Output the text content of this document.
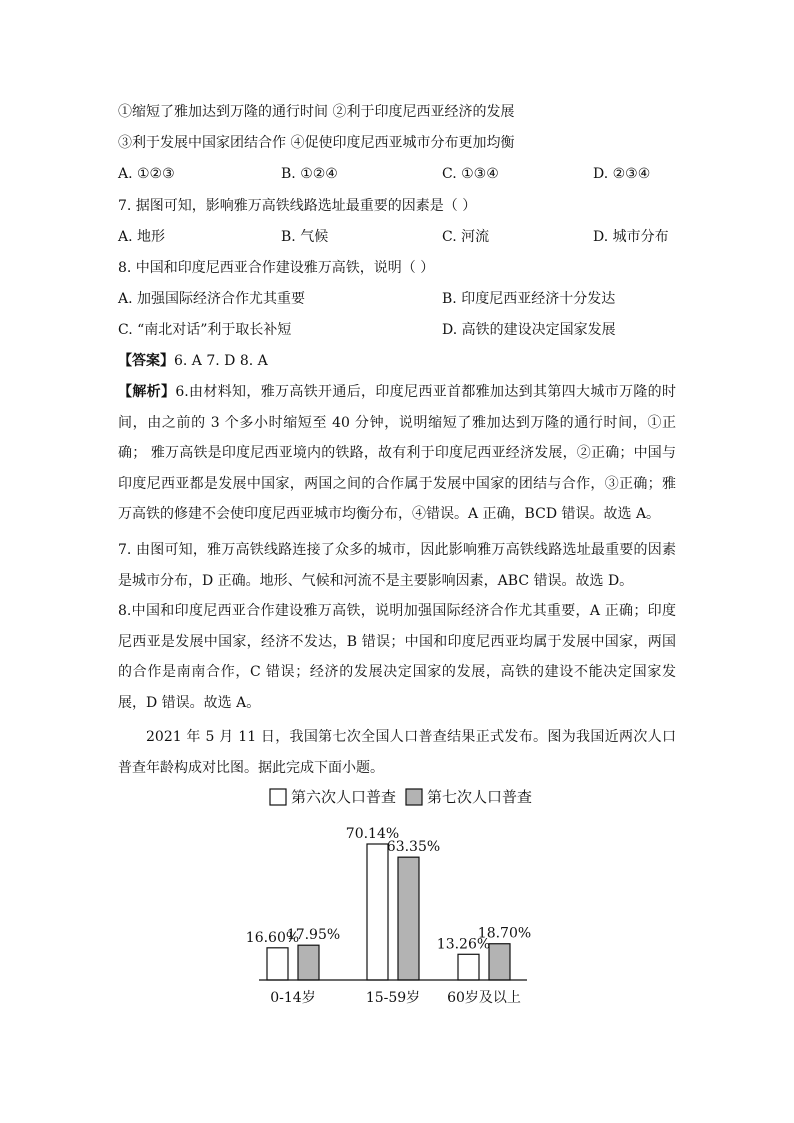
①缩短了雅加达到万隆的通行时间 ②利于印度尼西亚经济的发展
③利于发展中国家团结合作 ④促使印度尼西亚城市分布更加均衡
A. ①②③	B. ①②④	C. ①③④	D. ②③④
7. 据图可知，影响雅万高铁线路选址最重要的因素是（ ）
A. 地形	B. 气候	C. 河流	D. 城市分布
8. 中国和印度尼西亚合作建设雅万高铁，说明（ ）
A. 加强国际经济合作尤其重要	B. 印度尼西亚经济十分发达
C. “南北对话”利于取长补短	D. 高铁的建设决定国家发展
【答案】6. A 7. D 8. A
【解析】6.由材料知，雅万高铁开通后，印度尼西亚首都雅加达到其第四大城市万隆的时间，由之前的 3 个多小时缩短至 40 分钟，说明缩短了雅加达到万隆的通行时间，①正确； 雅万高铁是印度尼西亚境内的铁路，故有利于印度尼西亚经济发展，②正确；中国与印度尼西亚都是发展中国家，两国之间的合作属于发展中国家的团结与合作，③正确；雅万高铁的修建不会使印度尼西亚城市均衡分布，④错误。A 正确，BCD 错误。故选 A。
7. 由图可知，雅万高铁线路连接了众多的城市，因此影响雅万高铁线路选址最重要的因素是城市分布，D 正确。地形、气候和河流不是主要影响因素，ABC 错误。故选 D。
8.中国和印度尼西亚合作建设雅万高铁，说明加强国际经济合作尤其重要，A 正确；印度尼西亚是发展中国家，经济不发达，B 错误；中国和印度尼西亚均属于发展中国家，两国的合作是南南合作，C 错误；经济的发展决定国家的发展，高铁的建设不能决定国家发展，D 错误。故选 A。
2021 年 5 月 11 日，我国第七次全国人口普查结果正式发布。图为我国近两次人口普查年龄构成对比图。据此完成下面小题。
第六次人口普查 第七次人口普查
16.60%
17.95%
0-14岁
70.14%
63.35%
15-59岁
13.26%
18.70%
60岁及以上
